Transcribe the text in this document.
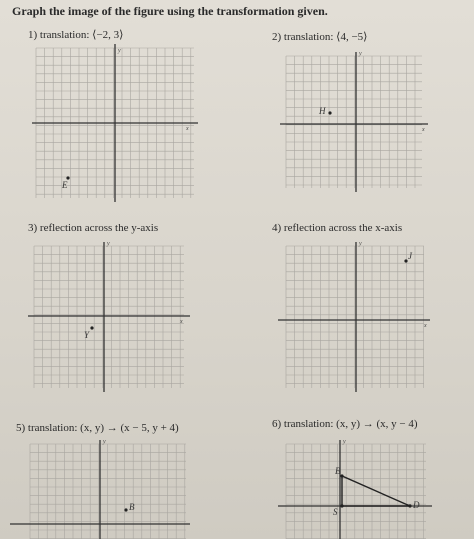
Graph the image of the figure using the transformation given.
1) translation: ⟨−2, 3⟩	2) translation: ⟨4, −5⟩
3) reflection across the y-axis	4) reflection across the x-axis
5) translation: (x, y) → (x − 5, y + 4)	6) translation: (x, y) → (x, y − 4)
x
y
E
x
y
H
x
y
Y
x
y
J
y
B
y
B
S
D
